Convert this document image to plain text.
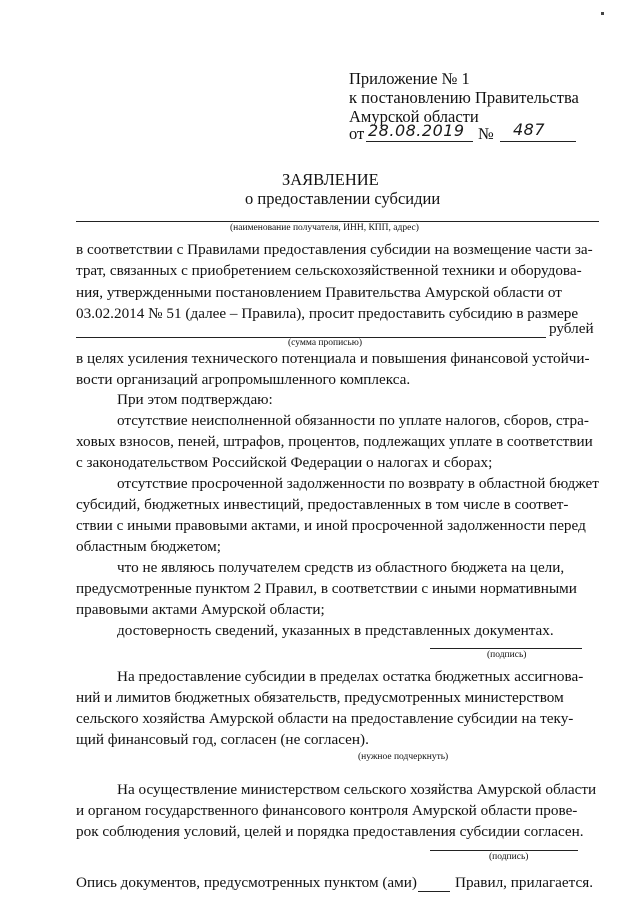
Приложение № 1
к постановлению Правительства
Амурской области
от 28.08.2019 № 487
ЗАЯВЛЕНИЕ
о предоставлении субсидии
(наименование получателя, ИНН, КПП, адрес)
в соответствии с Правилами предоставления субсидии на возмещение части за-
трат, связанных с приобретением сельскохозяйственной техники и оборудова-
ния, утвержденными постановлением Правительства Амурской области от
03.02.2014 № 51 (далее – Правила), просит предоставить субсидию в размере
рублей
(сумма прописью)
в целях усиления технического потенциала и повышения финансовой устойчи-
вости организаций агропромышленного комплекса.
При этом подтверждаю:
отсутствие неисполненной обязанности по уплате налогов, сборов, стра-
ховых взносов, пеней, штрафов, процентов, подлежащих уплате в соответствии
с законодательством Российской Федерации о налогах и сборах;
отсутствие просроченной задолженности по возврату в областной бюджет
субсидий, бюджетных инвестиций, предоставленных в том числе в соответ-
ствии с иными правовыми актами, и иной просроченной задолженности перед
областным бюджетом;
что не являюсь получателем средств из областного бюджета на цели,
предусмотренные пунктом 2 Правил, в соответствии с иными нормативными
правовыми актами Амурской области;
достоверность сведений, указанных в представленных документах.
(подпись)
На предоставление субсидии в пределах остатка бюджетных ассигнова-
ний и лимитов бюджетных обязательств, предусмотренных министерством
сельского хозяйства Амурской области на предоставление субсидии на теку-
щий финансовый год, согласен (не согласен).
(нужное подчеркнуть)
На осуществление министерством сельского хозяйства Амурской области
и органом государственного финансового контроля Амурской области прове-
рок соблюдения условий, целей и порядка предоставления субсидии согласен.
(подпись)
Опись документов, предусмотренных пунктом (ами)	Правил, прилагается.
